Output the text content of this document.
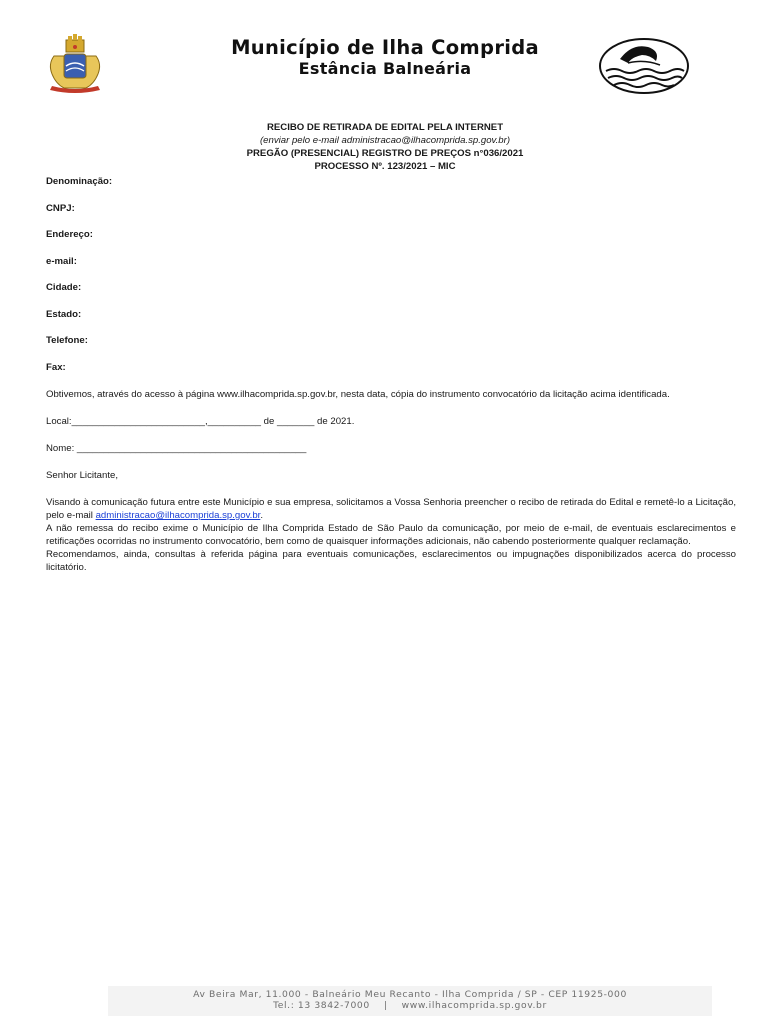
Município de Ilha Comprida
Estância Balneária
RECIBO DE RETIRADA DE EDITAL PELA INTERNET
(enviar pelo e-mail administracao@ilhacomprida.sp.gov.br)
PREGÃO (PRESENCIAL) REGISTRO DE PREÇOS n°036/2021
PROCESSO Nº. 123/2021 – MIC
Denominação:
CNPJ:
Endereço:
e-mail:
Cidade:
Estado:
Telefone:
Fax:

Obtivemos, através do acesso à página www.ilhacomprida.sp.gov.br, nesta data, cópia do instrumento convocatório da licitação acima identificada.

Local:_________________________,__________ de _______ de 2021.

Nome: ___________________________________________

Senhor Licitante,

Visando à comunicação futura entre este Município e sua empresa, solicitamos a Vossa Senhoria preencher o recibo de retirada do Edital e remetê-lo a Licitação, pelo e-mail administracao@ilhacomprida.sp.gov.br.

A não remessa do recibo exime o Município de Ilha Comprida Estado de São Paulo da comunicação, por meio de e-mail, de eventuais esclarecimentos e retificações ocorridas no instrumento convocatório, bem como de quaisquer informações adicionais, não cabendo posteriormente qualquer reclamação.

Recomendamos, ainda, consultas à referida página para eventuais comunicações, esclarecimentos ou impugnações disponibilizados acerca do processo licitatório.

Av Beira Mar, 11.000 - Balneário Meu Recanto - Ilha Comprida / SP - CEP 11925-000
Tel.: 13 3842-7000    |    www.ilhacomprida.sp.gov.br
